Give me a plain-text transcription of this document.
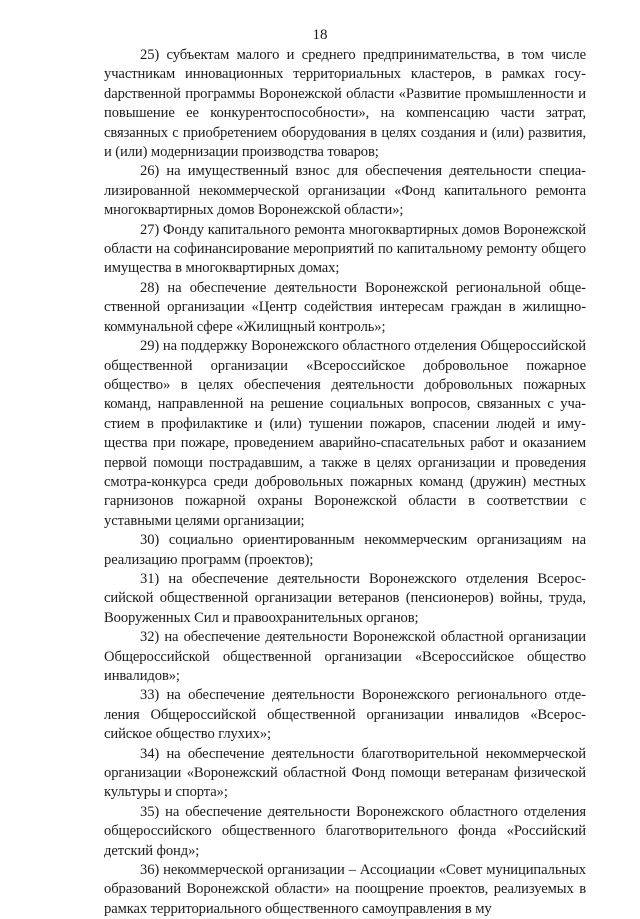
18

25) субъектам малого и среднего предпринимательства, в том числе участникам инновационных территориальных кластеров, в рамках госуdарственной программы Воронежской области «Развитие промышленности и повышение ее конкурентоспособности», на компенсацию части затрат, связанных с приобретением оборудования в целях создания и (или) развития, и (или) модернизации производства товаров;

26) на имущественный взнос для обеспечения деятельности специализированной некоммерческой организации «Фонд капитального ремонта многоквартирных домов Воронежской области»;

27) Фонду капитального ремонта многоквартирных домов Воронежской области на софинансирование мероприятий по капитальному ремонту общего имущества в многоквартирных домах;

28) на обеспечение деятельности Воронежской региональной общественной организации «Центр содействия интересам граждан в жилищно-коммунальной сфере «Жилищный контроль»;

29) на поддержку Воронежского областного отделения Общероссийской общественной организации «Всероссийское добровольное пожарное общество» в целях обеспечения деятельности добровольных пожарных команд, направленной на решение социальных вопросов, связанных с участием в профилактике и (или) тушении пожаров, спасении людей и имущества при пожаре, проведением аварийно-спасательных работ и оказанием первой помощи пострадавшим, а также в целях организации и проведения смотра-конкурса среди добровольных пожарных команд (дружин) местных гарнизонов пожарной охраны Воронежской области в соответствии с уставными целями организации;

30) социально ориентированным некоммерческим организациям на реализацию программ (проектов);

31) на обеспечение деятельности Воронежского отделения Всероссийской общественной организации ветеранов (пенсионеров) войны, труда, Вооруженных Сил и правоохранительных органов;

32) на обеспечение деятельности Воронежской областной организации Общероссийской общественной организации «Всероссийское общество инвалидов»;

33) на обеспечение деятельности Воронежского регионального отделения Общероссийской общественной организации инвалидов «Всероссийское общество глухих»;

34) на обеспечение деятельности благотворительной некоммерческой организации «Воронежский областной Фонд помощи ветеранам физической культуры и спорта»;

35) на обеспечение деятельности Воронежского областного отделения общероссийского общественного благотворительного фонда «Российский детский фонд»;

36) некоммерческой организации – Ассоциации «Совет муниципальных образований Воронежской области» на поощрение проектов, реализуемых в рамках территориального общественного самоуправления в му
